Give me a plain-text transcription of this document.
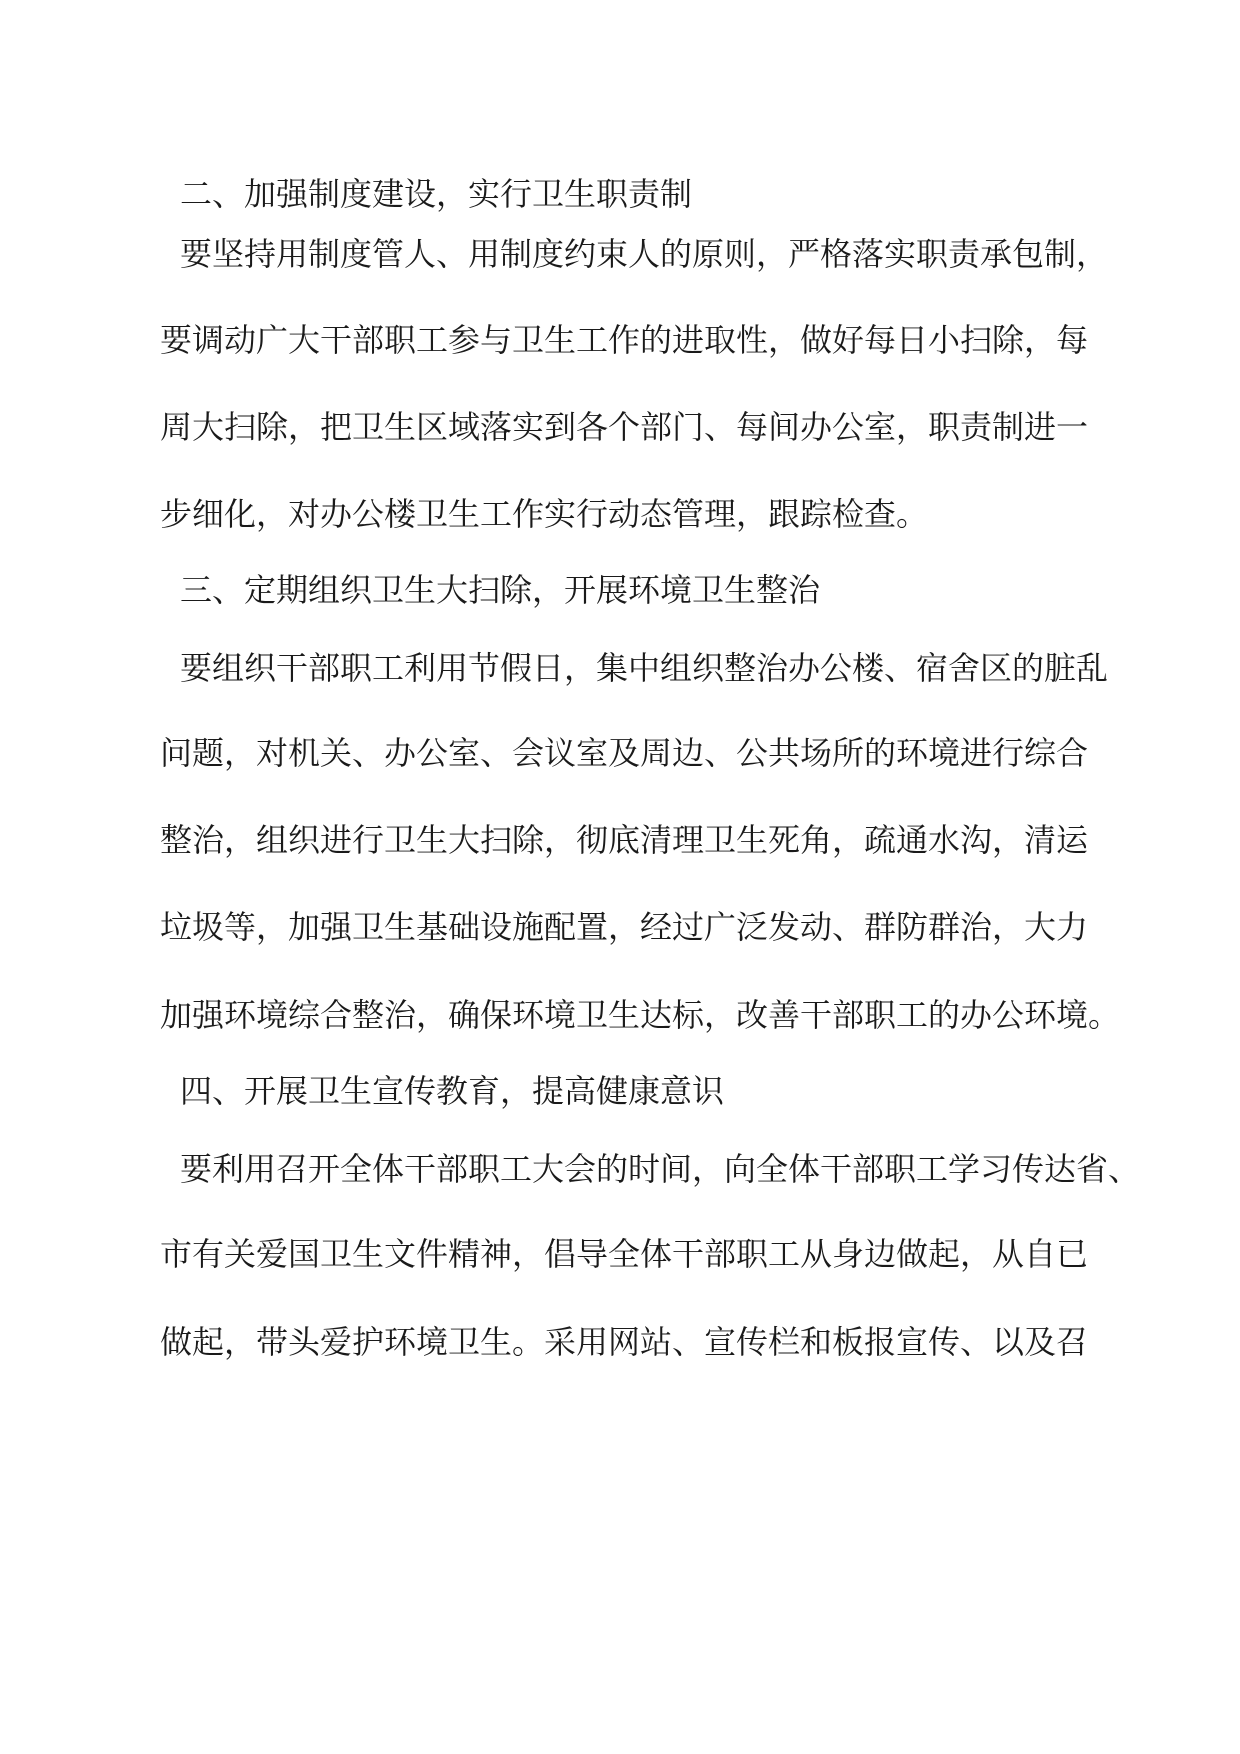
二、加强制度建设，实行卫生职责制
要坚持用制度管人、用制度约束人的原则，严格落实职责承包制，
要调动广大干部职工参与卫生工作的进取性，做好每日小扫除，每
周大扫除，把卫生区域落实到各个部门、每间办公室，职责制进一
步细化，对办公楼卫生工作实行动态管理，跟踪检查。
三、定期组织卫生大扫除，开展环境卫生整治
要组织干部职工利用节假日，集中组织整治办公楼、宿舍区的脏乱
问题，对机关、办公室、会议室及周边、公共场所的环境进行综合
整治，组织进行卫生大扫除，彻底清理卫生死角，疏通水沟，清运
垃圾等，加强卫生基础设施配置，经过广泛发动、群防群治，大力
加强环境综合整治，确保环境卫生达标，改善干部职工的办公环境。
四、开展卫生宣传教育，提高健康意识
要利用召开全体干部职工大会的时间，向全体干部职工学习传达省、
市有关爱国卫生文件精神，倡导全体干部职工从身边做起，从自已
做起，带头爱护环境卫生。采用网站、宣传栏和板报宣传、以及召
